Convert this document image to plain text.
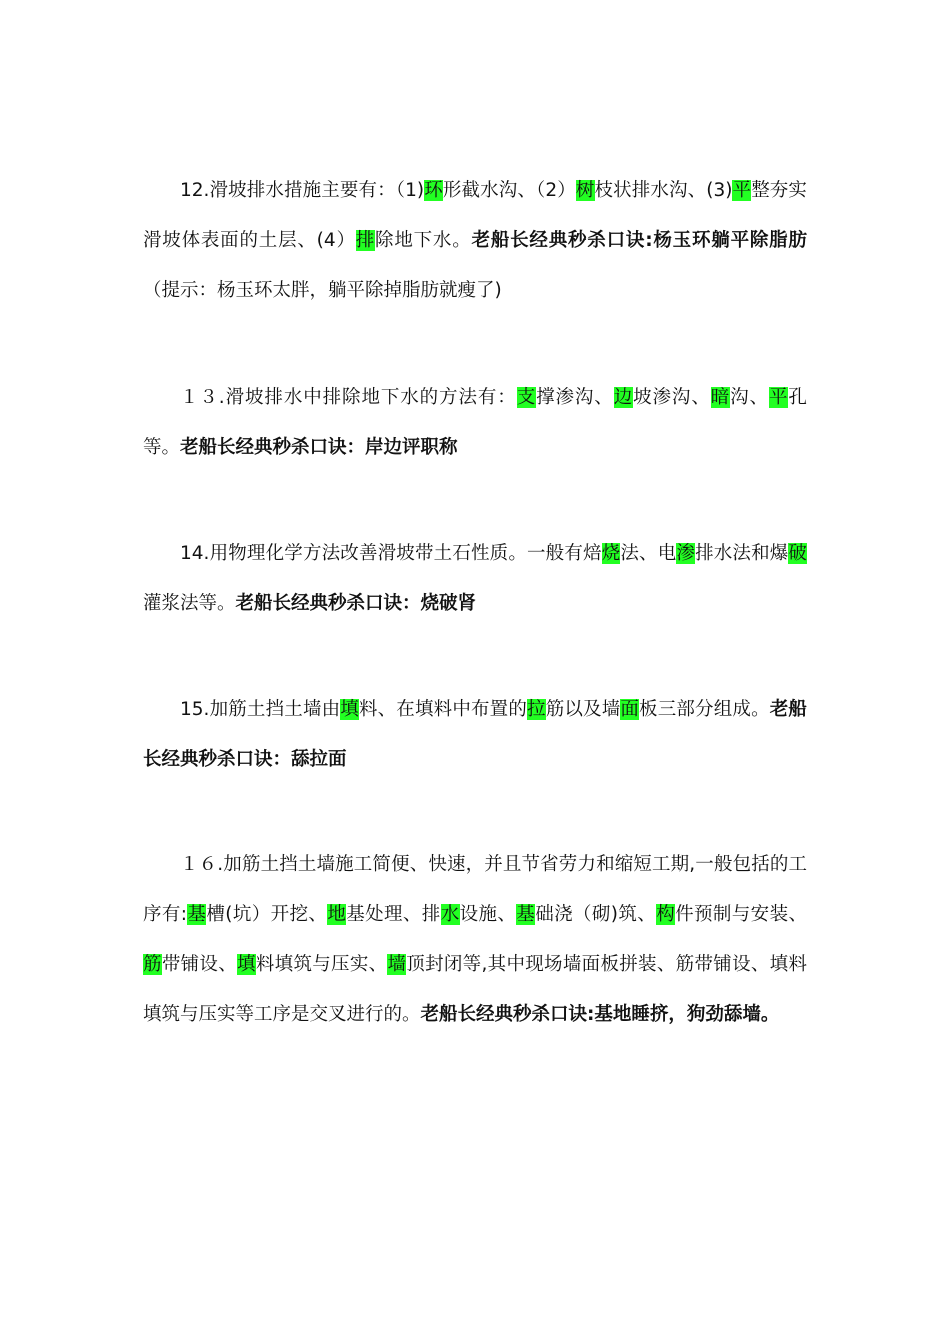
12.滑坡排水措施主要有：（1)环形截水沟、（2）树枝状排水沟、(3)平整夯实滑坡体表面的土层、(4）排除地下水。老船长经典秒杀口诀:杨玉环躺平除脂肪（提示：杨玉环太胖，躺平除掉脂肪就瘦了)

１３.滑坡排水中排除地下水的方法有：支撑渗沟、边坡渗沟、暗沟、平孔等。老船长经典秒杀口诀：岸边评职称

14.用物理化学方法改善滑坡带土石性质。一般有焙烧法、电渗排水法和爆破灌浆法等。老船长经典秒杀口诀：烧破肾

15.加筋土挡土墙由填料、在填料中布置的拉筋以及墙面板三部分组成。老船长经典秒杀口诀：舔拉面

１６.加筋土挡土墙施工简便、快速，并且节省劳力和缩短工期,一般包括的工序有:基槽(坑）开挖、地基处理、排水设施、基础浇（砌)筑、构件预制与安装、筋带铺设、填料填筑与压实、墙顶封闭等,其中现场墙面板拼装、筋带铺设、填料填筑与压实等工序是交叉进行的。老船长经典秒杀口诀:基地睡挤，狗劲舔墙。
